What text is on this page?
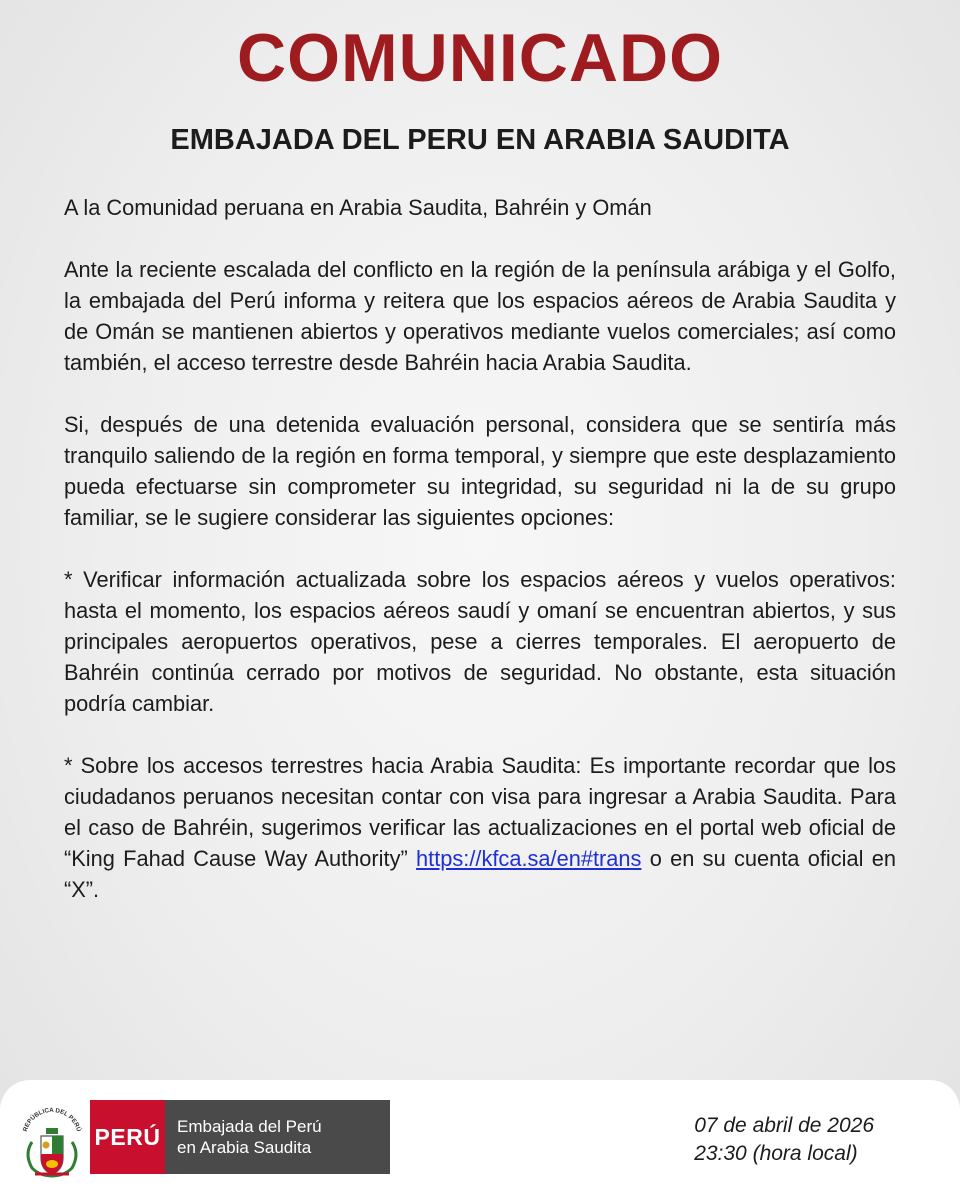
COMUNICADO
EMBAJADA DEL PERU EN ARABIA SAUDITA

A la Comunidad peruana en Arabia Saudita, Bahréin y Omán

Ante la reciente escalada del conflicto en la región de la península arábiga y el Golfo, la embajada del Perú informa y reitera que los espacios aéreos de Arabia Saudita y de Omán se mantienen abiertos y operativos mediante vuelos comerciales; así como también, el acceso terrestre desde Bahréin hacia Arabia Saudita.

Si, después de una detenida evaluación personal, considera que se sentiría más tranquilo saliendo de la región en forma temporal, y siempre que este desplazamiento pueda efectuarse sin comprometer su integridad, su seguridad ni la de su grupo familiar, se le sugiere considerar las siguientes opciones:

* Verificar información actualizada sobre los espacios aéreos y vuelos operativos: hasta el momento, los espacios aéreos saudí y omaní se encuentran abiertos, y sus principales aeropuertos operativos, pese a cierres temporales. El aeropuerto de Bahréin continúa cerrado por motivos de seguridad. No obstante, esta situación podría cambiar.

* Sobre los accesos terrestres hacia Arabia Saudita: Es importante recordar que los ciudadanos peruanos necesitan contar con visa para ingresar a Arabia Saudita. Para el caso de Bahréin, sugerimos verificar las actualizaciones en el portal web oficial de “King Fahad Cause Way Authority” https://kfca.sa/en#trans o en su cuenta oficial en “X”.

REPÚBLICA DEL PERÚ PERÚ Embajada del Perú
en Arabia Saudita
07 de abril de 2026
23:30 (hora local)
